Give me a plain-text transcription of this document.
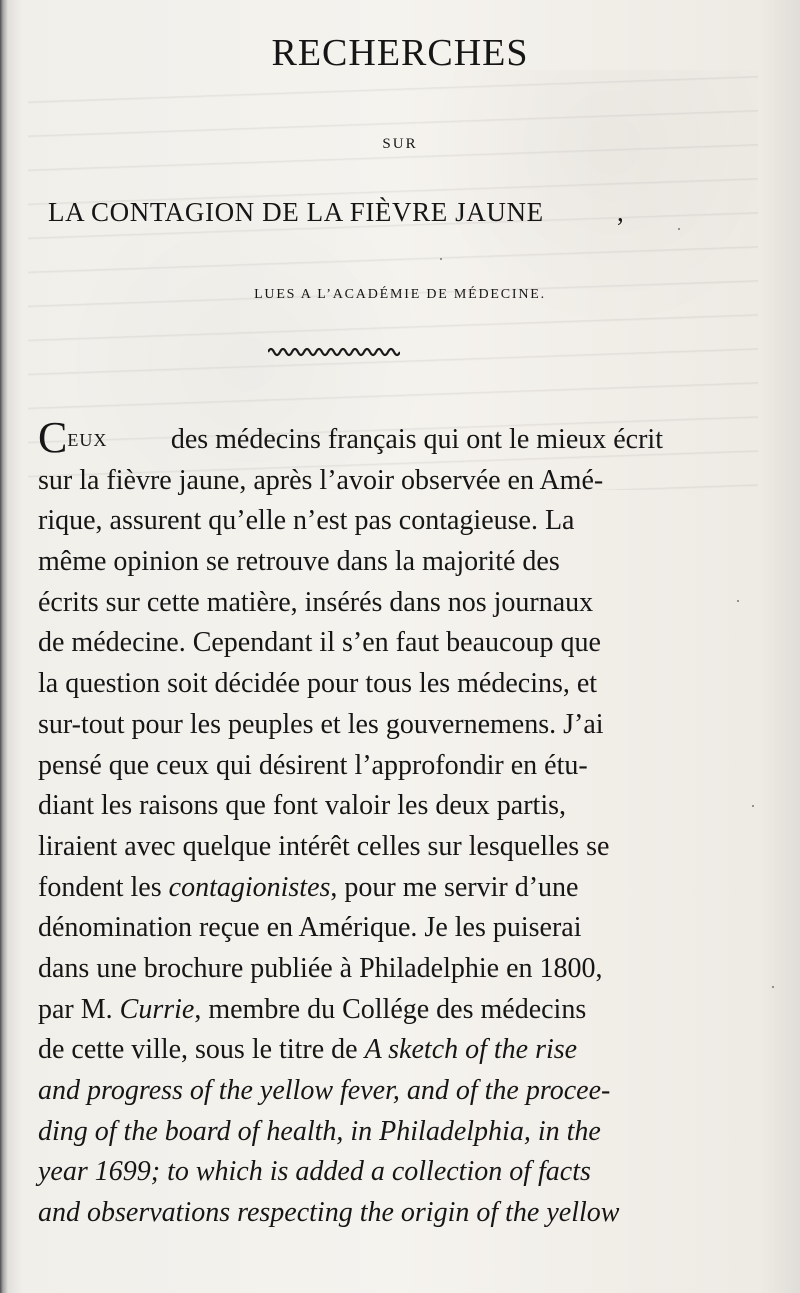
RECHERCHES
SUR
LA CONTAGION DE LA FIÈVRE JAUNE	,
LUES A L’ACADÉMIE DE MÉDECINE.
CEUX des médecins français qui ont le mieux écrit
sur la fièvre jaune, après l’avoir observée en Amé-
rique, assurent qu’elle n’est pas contagieuse. La
même opinion se retrouve dans la majorité des
écrits sur cette matière, insérés dans nos journaux
de médecine. Cependant il s’en faut beaucoup que
la question soit décidée pour tous les médecins, et
sur-tout pour les peuples et les gouvernemens. J’ai
pensé que ceux qui désirent l’approfondir en étu-
diant les raisons que font valoir les deux partis,
liraient avec quelque intérêt celles sur lesquelles se
fondent les contagionistes, pour me servir d’une
dénomination reçue en Amérique. Je les puiserai
dans une brochure publiée à Philadelphie en 1800,
par M. Currie, membre du Collége des médecins
de cette ville, sous le titre de A sketch of the rise
and progress of the yellow fever, and of the procee-
ding of the board of health, in Philadelphia, in the
year 1699; to which is added a collection of facts
and observations respecting the origin of the yellow
